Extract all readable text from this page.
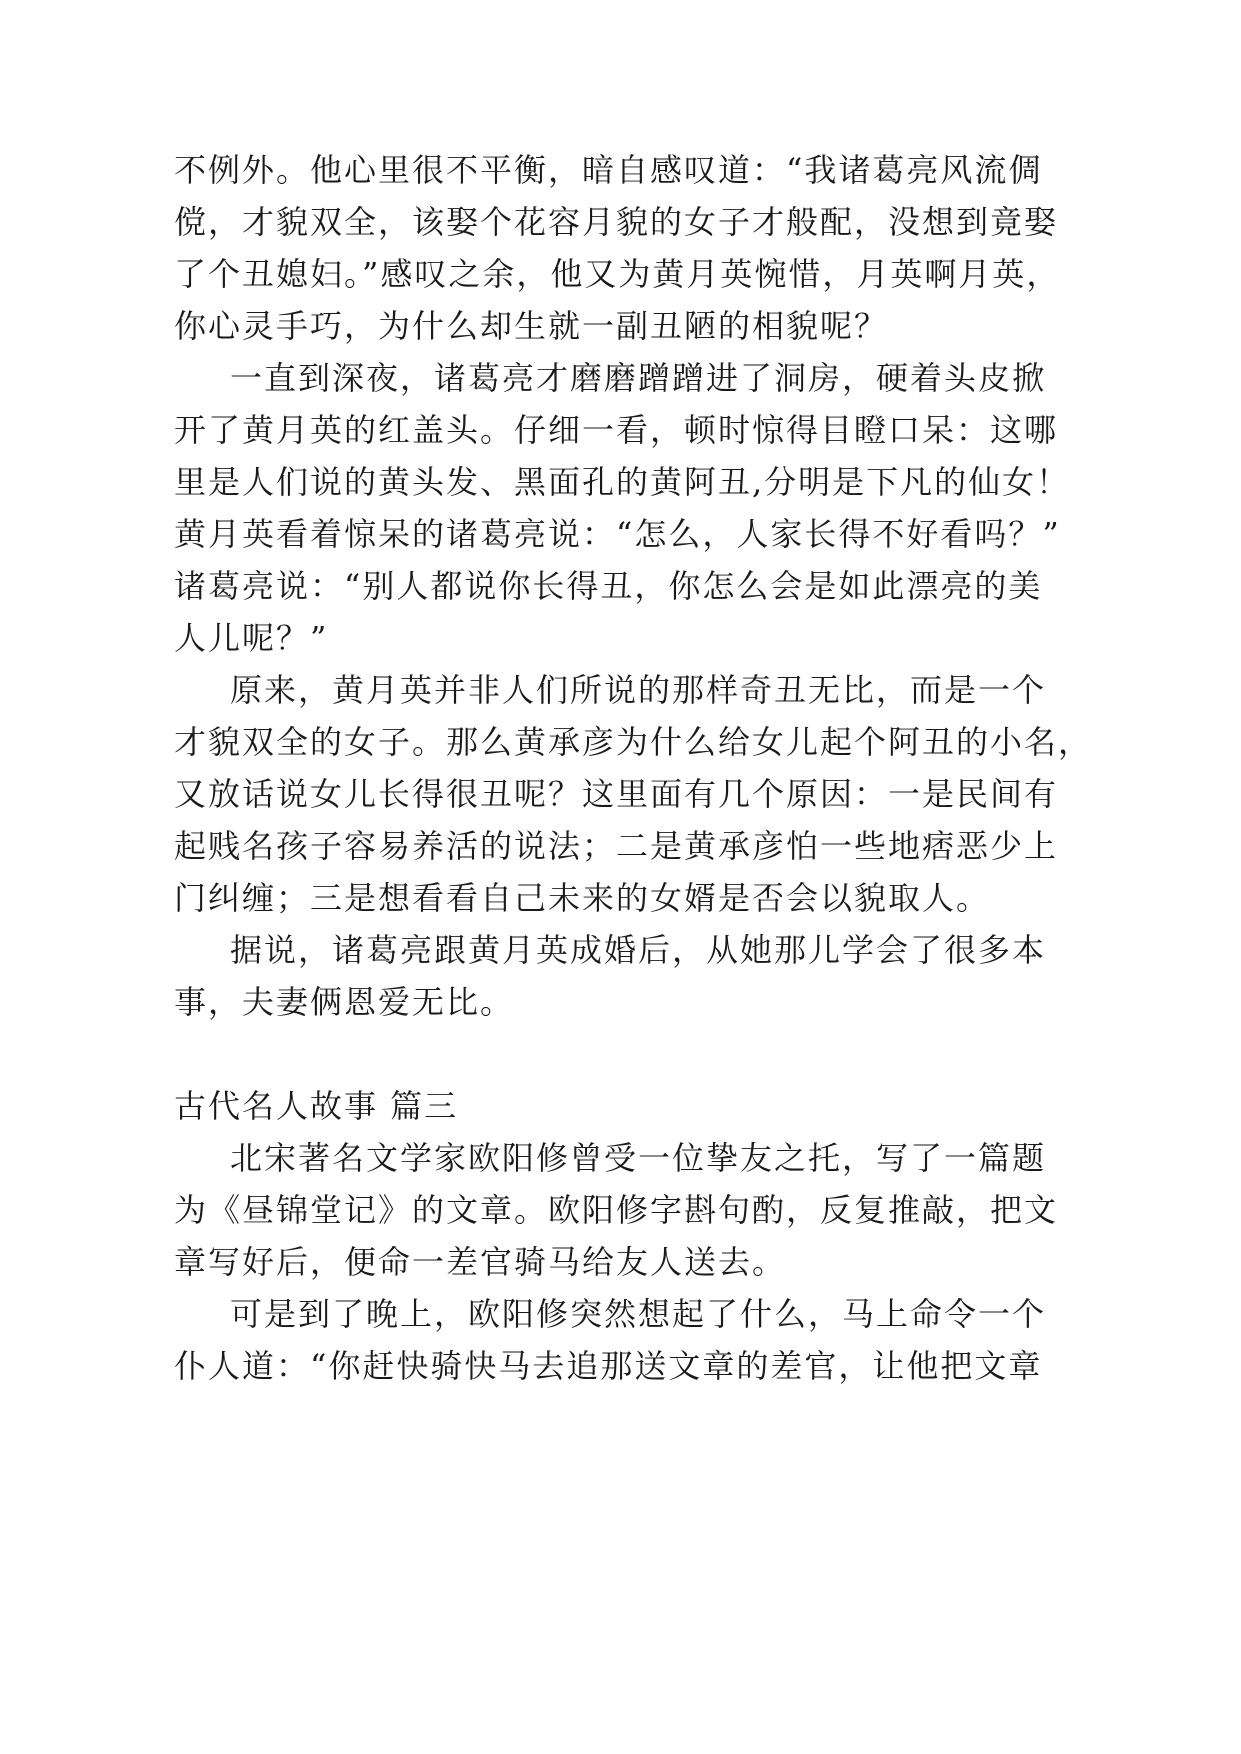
不例外。他心里很不平衡，暗自感叹道：“我诸葛亮风流倜
傥，才貌双全，该娶个花容月貌的女子才般配，没想到竟娶
了个丑媳妇。”感叹之余，他又为黄月英惋惜，月英啊月英，
你心灵手巧，为什么却生就一副丑陋的相貌呢？
一直到深夜，诸葛亮才磨磨蹭蹭进了洞房，硬着头皮掀
开了黄月英的红盖头。仔细一看，顿时惊得目瞪口呆：这哪
里是人们说的黄头发、黑面孔的黄阿丑,分明是下凡的仙女！
黄月英看着惊呆的诸葛亮说：“怎么，人家长得不好看吗？”
诸葛亮说：“别人都说你长得丑，你怎么会是如此漂亮的美
人儿呢？”
原来，黄月英并非人们所说的那样奇丑无比，而是一个
才貌双全的女子。那么黄承彦为什么给女儿起个阿丑的小名，
又放话说女儿长得很丑呢？这里面有几个原因：一是民间有
起贱名孩子容易养活的说法；二是黄承彦怕一些地痞恶少上
门纠缠；三是想看看自己未来的女婿是否会以貌取人。
据说，诸葛亮跟黄月英成婚后，从她那儿学会了很多本
事，夫妻俩恩爱无比。
古代名人故事 篇三
北宋著名文学家欧阳修曾受一位挚友之托，写了一篇题
为《昼锦堂记》的文章。欧阳修字斟句酌，反复推敲，把文
章写好后，便命一差官骑马给友人送去。
可是到了晚上，欧阳修突然想起了什么，马上命令一个
仆人道：“你赶快骑快马去追那送文章的差官，让他把文章
